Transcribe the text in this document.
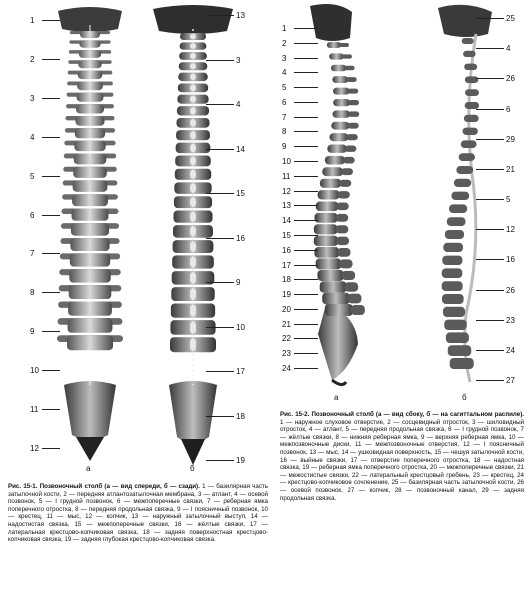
1
2
3
4
5
6
7
8
9
10
11
12
13
3
4
14
15
16
9
10
17
18
19
1
2
3
4
5
6
7
8
9
10
11
12
13
14
15
16
17
18
19
20
21
22
23
24
25
4
26
6
29
21
5
12
16
26
23
24
27
а	б
а	б
Рис. 15-1. Позвоночный столб (а — вид спереди, б — сзади). 1 — базилярная часть затылочной кости, 2 — передняя атлантозатылочная мембрана, 3 — атлант, 4 — осевой позвонок, 5 — I грудной позвонок, 6 — межпоперечные связки, 7 — реберная ямка поперечного отростка, 8 — передняя продольная связка, 9 — I поясничный позвонок, 10 — крестец, 11 — мыс, 12 — копчик, 13 — наружный затылочный выступ, 14 — надостистая связка, 15 — межпоперечные связки, 16 — жёлтые связки, 17 — латеральная крестцово-копчиковая связка, 18 — задняя поверхностная крестцово-копчиковая связка, 19 — задняя глубокая крестцово-копчиковая связка.
Рис. 15-2. Позвоночный столб (а — вид сбоку, б — на сагиттальном распиле). 1 — наружное слуховое отверстие, 2 — сосцевидный отросток, 3 — шиловидный отросток, 4 — атлант, 5 — передняя продольная связка, 6 — I грудной позвонок, 7 — жёлтые связки, 8 — нижняя реберная ямка, 9 — верхняя реберная ямка, 10 — межпозвоночные диски, 11 — межпозвоночные отверстия, 12 — I поясничный позвонок, 13 — мыс, 14 — ушковидная поверхность, 15 — чешуя затылочной кости, 16 — выйные связки, 17 — отверстие поперечного отростка, 18 — надостная связка, 19 — реберная ямка поперечного отростка, 20 — межпоперечные связки, 21 — межостистые связки, 22 — латеральный крестцовый гребень, 23 — крестец, 24 — крестцово-копчиковое сочленение, 25 — базилярная часть затылочной кости, 26 — осевой позвонок, 27 — копчик, 28 — позвоночный канал, 29 — задняя продольная связка.
